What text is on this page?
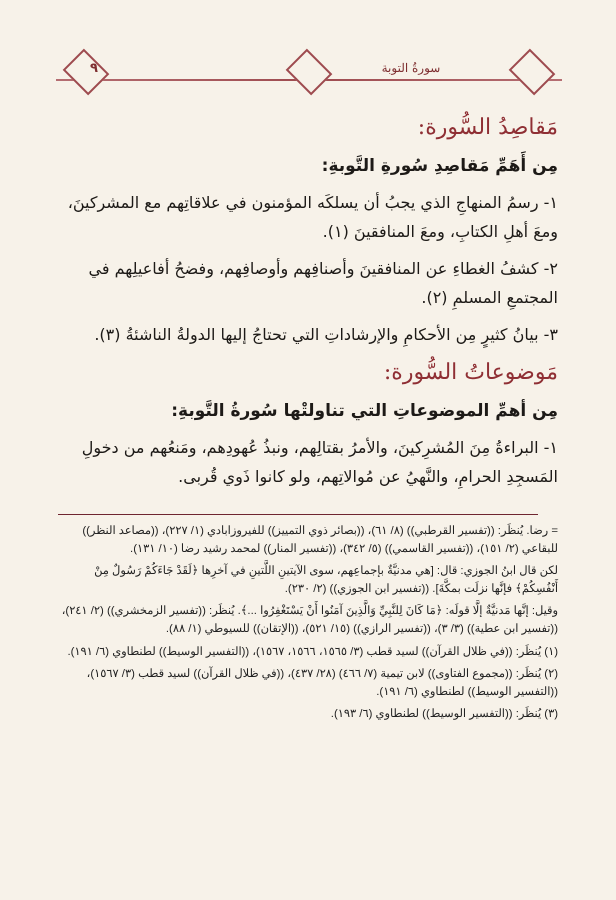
٩	سورةُ التوبة
مَقاصِدُ السُّورة:

مِن أَهَمِّ مَقاصِدِ سُورةِ التَّوبةِ:

١- رسمُ المنهاجِ الذي يجبُ أن يسلكَه المؤمنون في علاقاتِهم مع المشركينَ، ومعَ أهلِ الكتابِ، ومعَ المنافقينَ (١).

٢- كشفُ الغطاءِ عن المنافقينَ وأصنافِهم وأوصافِهم، وفضحُ أفاعيلِهم في المجتمعِ المسلمِ (٢).

٣- بيانُ كثيرٍ مِن الأحكامِ والإرشاداتِ التي تحتاجُ إليها الدولةُ الناشئةُ (٣).

مَوضوعاتُ السُّورة:

مِن أهمِّ الموضوعاتِ التي تناولتْها سُورةُ التَّوبةِ:

١- البراءةُ مِنَ المُشرِكينَ، والأمرُ بقتالِهم، ونبذُ عُهودِهم، ومَنعُهم من دخولِ المَسجِدِ الحرامِ، والنَّهيُ عن مُوالاتِهم، ولو كانوا ذَوي قُربى.

= رضا. يُنظَر: ((تفسير القرطبي)) (٨/ ٦١)، ((بصائر ذوي التمييز)) للفيروزابادي (١/ ٢٢٧)، ((مصاعد النظر)) للبقاعي (٢/ ١٥١)، ((تفسير القاسمي)) (٥/ ٣٤٢)، ((تفسير المنار)) لمحمد رشيد رضا (١٠/ ١٣١).

لكن قال ابنُ الجوزي: قال: [هي مدنيَّةٌ بإجماعِهم، سوى الآيتينِ اللَّتينِ في آخرِها ﴿لَقَدْ جَاءَكُمْ رَسُولٌ مِنْ أَنْفُسِكُمْ﴾ فإنَّها نزلَت بمكَّةَ]. ((تفسير ابن الجوزي)) (٢/ ٢٣٠).

وقيل: إنَّها مَدنيَّةٌ إلَّا قولَه: ﴿مَا كَانَ لِلنَّبِيِّ وَالَّذِينَ آمَنُوا أَنْ يَسْتَغْفِرُوا ...﴾. يُنظَر: ((تفسير الزمخشري)) (٢/ ٢٤١)، ((تفسير ابن عطية)) (٣/ ٣)، ((تفسير الرازي)) (١٥/ ٥٢١)، ((الإتقان)) للسيوطي (١/ ٨٨).

(١) يُنظَر: ((في ظلال القرآن)) لسيد قطب (٣/ ١٥٦٥، ١٥٦٦، ١٥٦٧)، ((التفسير الوسيط)) لطنطاوي (٦/ ١٩١).

(٢) يُنظَر: ((مجموع الفتاوى)) لابن تيمية (٧/ ٤٦٦) (٢٨/ ٤٣٧)، ((في ظلال القرآن)) لسيد قطب (٣/ ١٥٦٧)، ((التفسير الوسيط)) لطنطاوي (٦/ ١٩١).

(٣) يُنظَر: ((التفسير الوسيط)) لطنطاوي (٦/ ١٩٣).
